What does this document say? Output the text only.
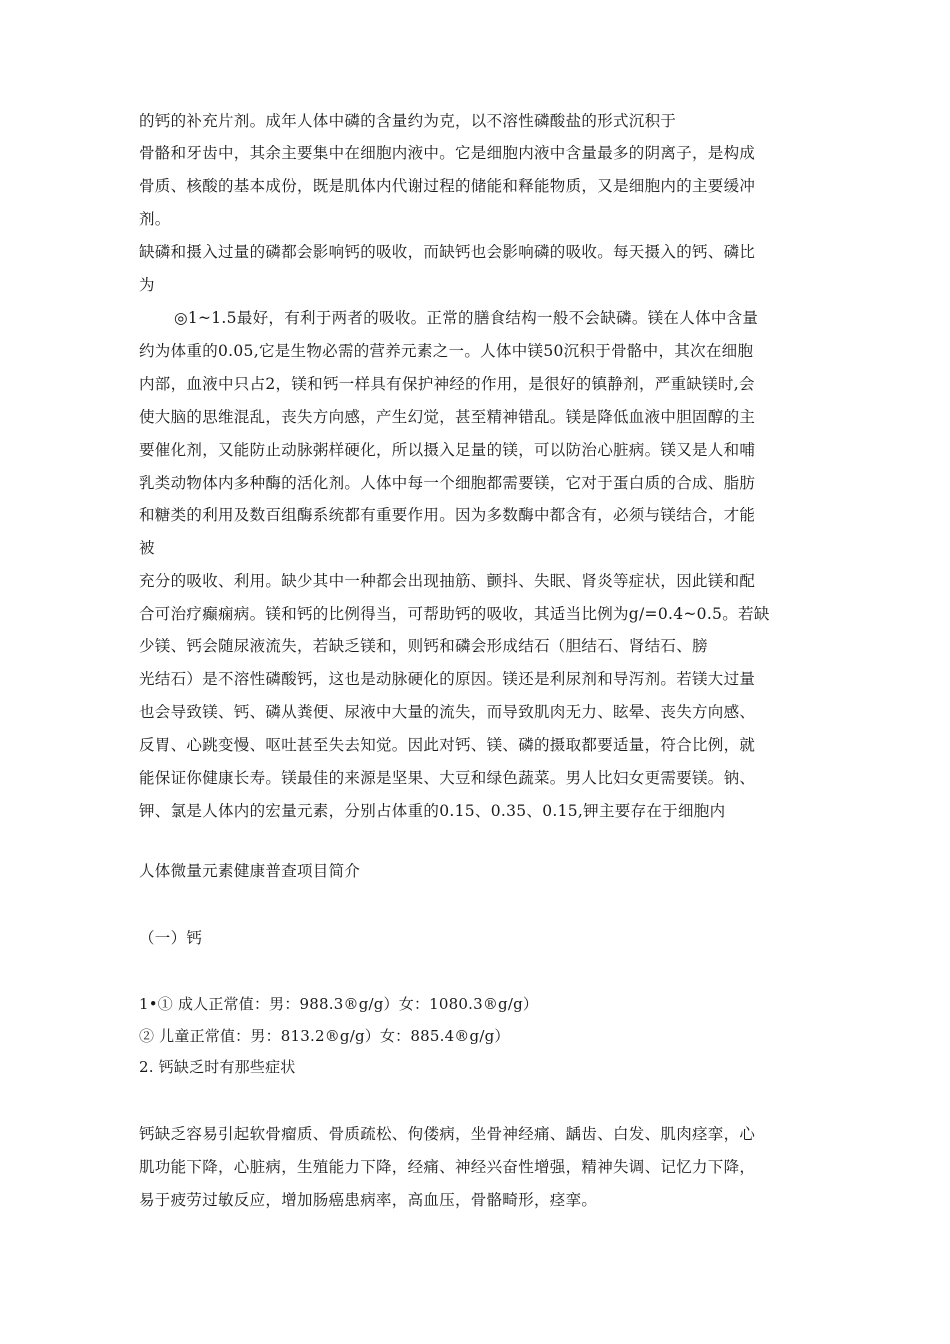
的钙的补充片剂。成年人体中磷的含量约为克，以不溶性磷酸盐的形式沉积于

骨骼和牙齿中，其余主要集中在细胞内液中。它是细胞内液中含量最多的阴离子，是构成

骨质、核酸的基本成份，既是肌体内代谢过程的储能和释能物质，又是细胞内的主要缓冲

剂。

缺磷和摄入过量的磷都会影响钙的吸收，而缺钙也会影响磷的吸收。每天摄入的钙、磷比

为

◎1~1.5最好，有利于两者的吸收。正常的膳食结构一般不会缺磷。镁在人体中含量

约为体重的0.05,它是生物必需的营养元素之一。人体中镁50沉积于骨骼中，其次在细胞

内部，血液中只占2，镁和钙一样具有保护神经的作用，是很好的镇静剂，严重缺镁时,会

使大脑的思维混乱，丧失方向感，产生幻觉，甚至精神错乱。镁是降低血液中胆固醇的主

要催化剂，又能防止动脉粥样硬化，所以摄入足量的镁，可以防治心脏病。镁又是人和哺

乳类动物体内多种酶的活化剂。人体中每一个细胞都需要镁，它对于蛋白质的合成、脂肪

和糖类的利用及数百组酶系统都有重要作用。因为多数酶中都含有，必须与镁结合，才能

被

充分的吸收、利用。缺少其中一种都会出现抽筋、颤抖、失眠、肾炎等症状，因此镁和配

合可治疗癫痫病。镁和钙的比例得当，可帮助钙的吸收，其适当比例为g/=0.4~0.5。若缺

少镁、钙会随尿液流失，若缺乏镁和，则钙和磷会形成结石（胆结石、肾结石、膀

光结石）是不溶性磷酸钙，这也是动脉硬化的原因。镁还是利尿剂和导泻剂。若镁大过量

也会导致镁、钙、磷从粪便、尿液中大量的流失，而导致肌肉无力、眩晕、丧失方向感、

反胃、心跳变慢、呕吐甚至失去知觉。因此对钙、镁、磷的摄取都要适量，符合比例，就

能保证你健康长寿。镁最佳的来源是坚果、大豆和绿色蔬菜。男人比妇女更需要镁。钠、

钾、氯是人体内的宏量元素，分别占体重的0.15、0.35、0.15,钾主要存在于细胞内

人体微量元素健康普查项目简介

（一）钙

1•① 成人正常值：男：988.3®g/g）女：1080.3®g/g）

② 儿童正常值：男：813.2®g/g）女：885.4®g/g）

2. 钙缺乏时有那些症状

钙缺乏容易引起软骨瘤质、骨质疏松、佝偻病，坐骨神经痛、龋齿、白发、肌肉痉挛，心

肌功能下降，心脏病，生殖能力下降，经痛、神经兴奋性增强，精神失调、记忆力下降，

易于疲劳过敏反应，增加肠癌患病率，高血压，骨骼畸形，痉挛。
